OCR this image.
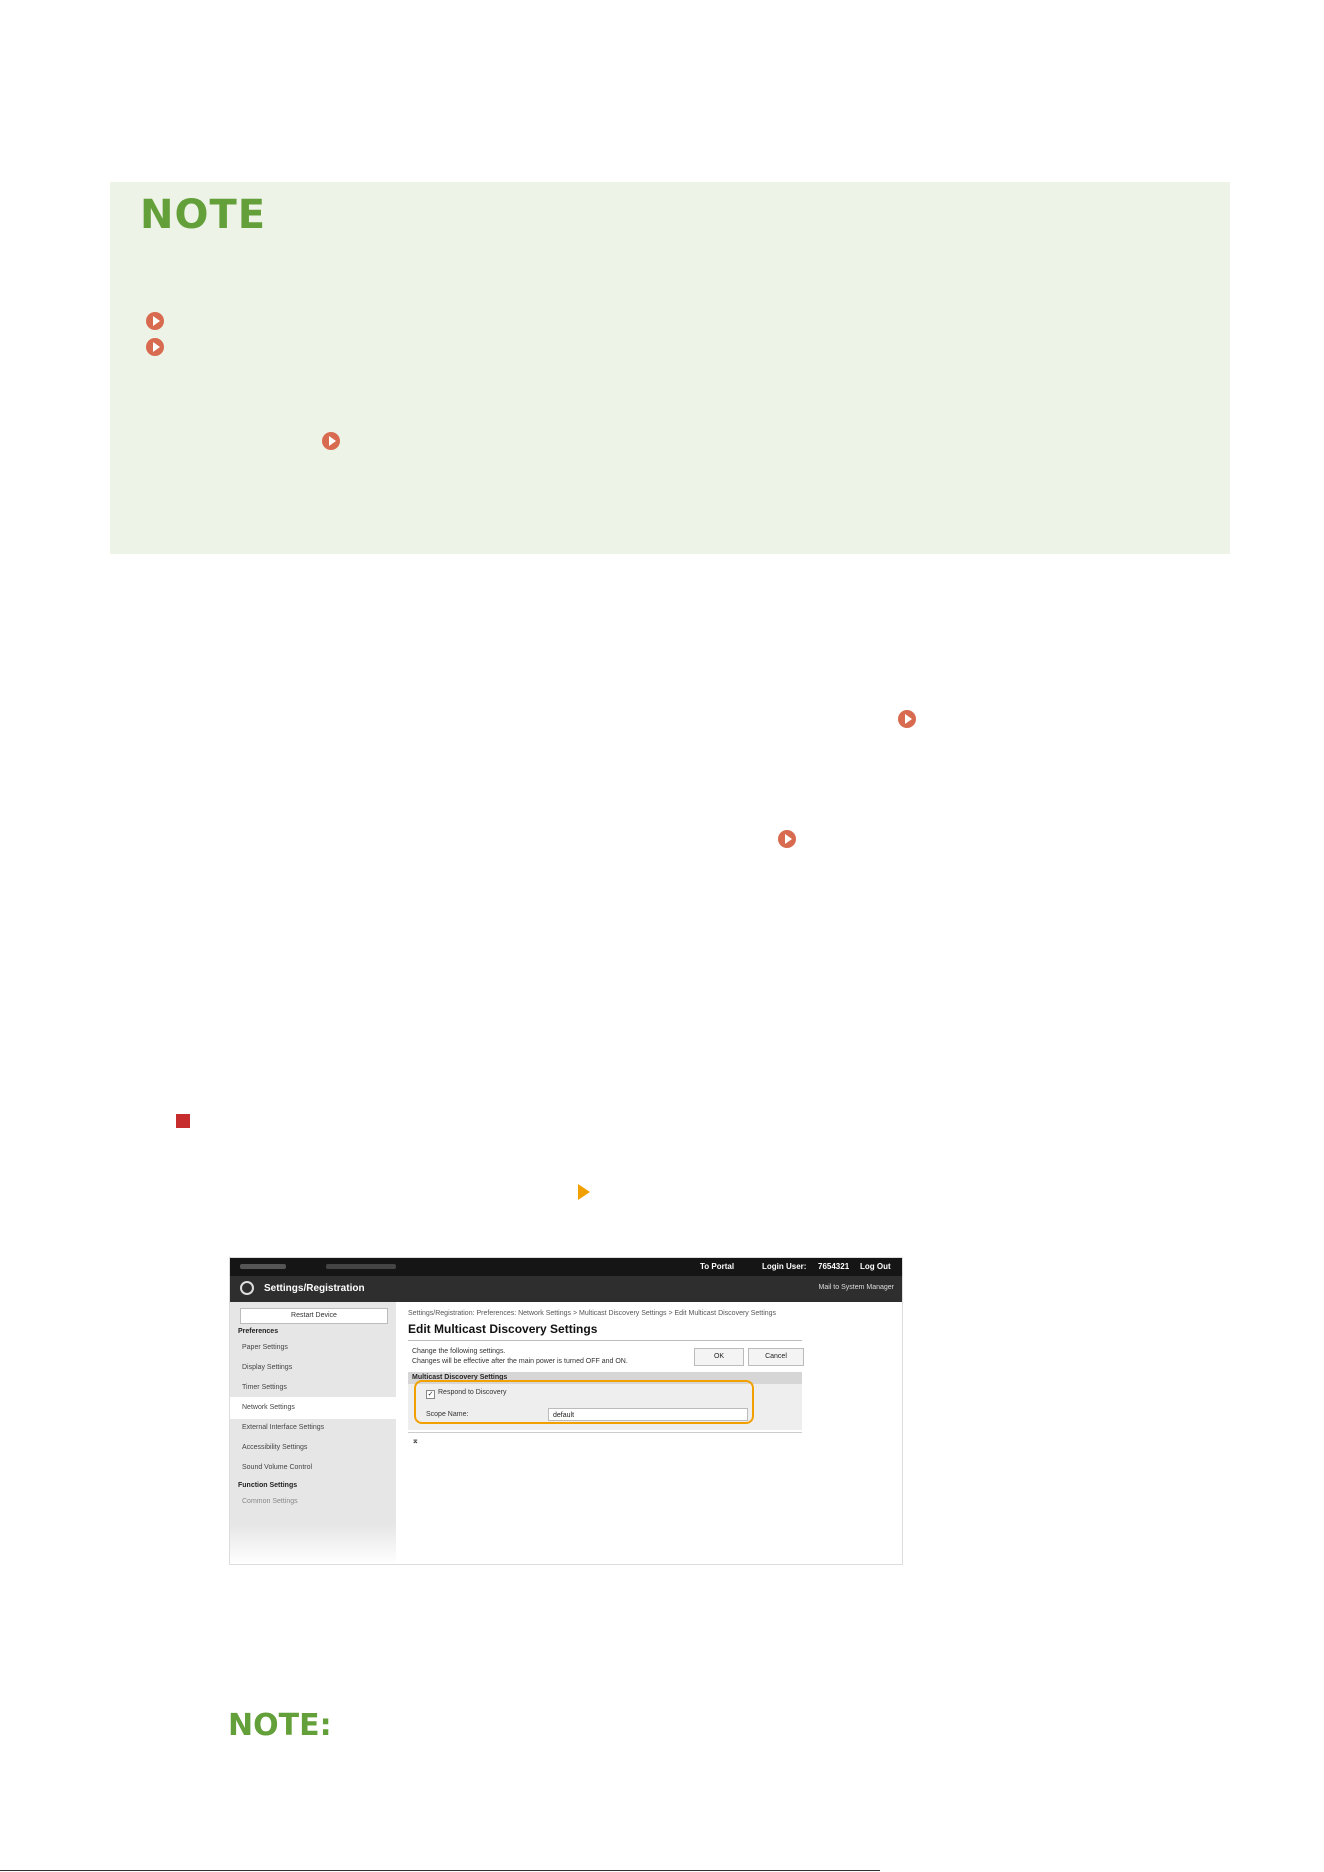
NOTE
To Portal	Login User: 7654321 Log Out
Settings/Registration	Mail to System Manager
Restart Device
Preferences
Paper Settings
Display Settings
Timer Settings
Network Settings
External Interface Settings
Accessibility Settings
Sound Volume Control
Function Settings
Common Settings
Settings/Registration: Preferences: Network Settings > Multicast Discovery Settings > Edit Multicast Discovery Settings
Edit Multicast Discovery Settings
Change the following settings.
Changes will be effective after the main power is turned OFF and ON.
OK	Cancel
Multicast Discovery Settings
✓ Respond to Discovery
Scope Name:	default
⌅
NOTE:
